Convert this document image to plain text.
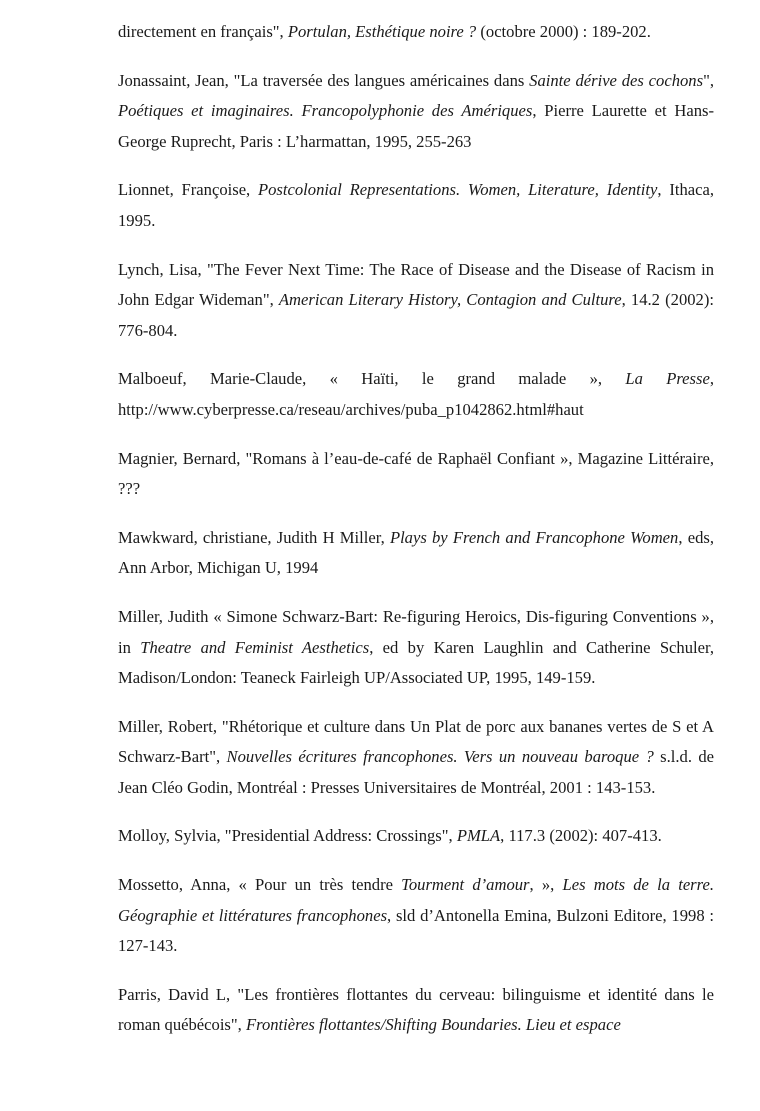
directement en français", Portulan, Esthétique noire ? (octobre 2000) : 189-202.

Jonassaint, Jean, "La traversée des langues américaines dans Sainte dérive des cochons", Poétiques et imaginaires. Francopolyphonie des Amériques, Pierre Laurette et Hans-George Ruprecht, Paris : L’harmattan, 1995, 255-263

Lionnet, Françoise, Postcolonial Representations. Women, Literature, Identity, Ithaca, 1995.

Lynch, Lisa, "The Fever Next Time: The Race of Disease and the Disease of Racism in John Edgar Wideman", American Literary History, Contagion and Culture, 14.2 (2002): 776-804.

Malboeuf, Marie-Claude, « Haïti, le grand malade », La Presse, http://www.cyberpresse.ca/reseau/archives/puba_p1042862.html#haut

Magnier, Bernard, "Romans à l’eau-de-café de Raphaël Confiant », Magazine Littéraire, ???

Mawkward, christiane, Judith H Miller, Plays by French and Francophone Women, eds, Ann Arbor, Michigan U, 1994

Miller, Judith « Simone Schwarz-Bart: Re-figuring Heroics, Dis-figuring Conventions », in Theatre and Feminist Aesthetics, ed by Karen Laughlin and Catherine Schuler, Madison/London: Teaneck Fairleigh UP/Associated UP, 1995, 149-159.

Miller, Robert, "Rhétorique et culture dans Un Plat de porc aux bananes vertes de S et A Schwarz-Bart", Nouvelles écritures francophones. Vers un nouveau baroque ? s.l.d. de Jean Cléo Godin, Montréal : Presses Universitaires de Montréal, 2001 : 143-153.

Molloy, Sylvia, "Presidential Address: Crossings", PMLA, 117.3 (2002): 407-413.

Mossetto, Anna, « Pour un très tendre Tourment d’amour, », Les mots de la terre. Géographie et littératures francophones, sld d’Antonella Emina, Bulzoni Editore, 1998 : 127-143.

Parris, David L, "Les frontières flottantes du cerveau: bilinguisme et identité dans le roman québécois", Frontières flottantes/Shifting Boundaries. Lieu et espace
